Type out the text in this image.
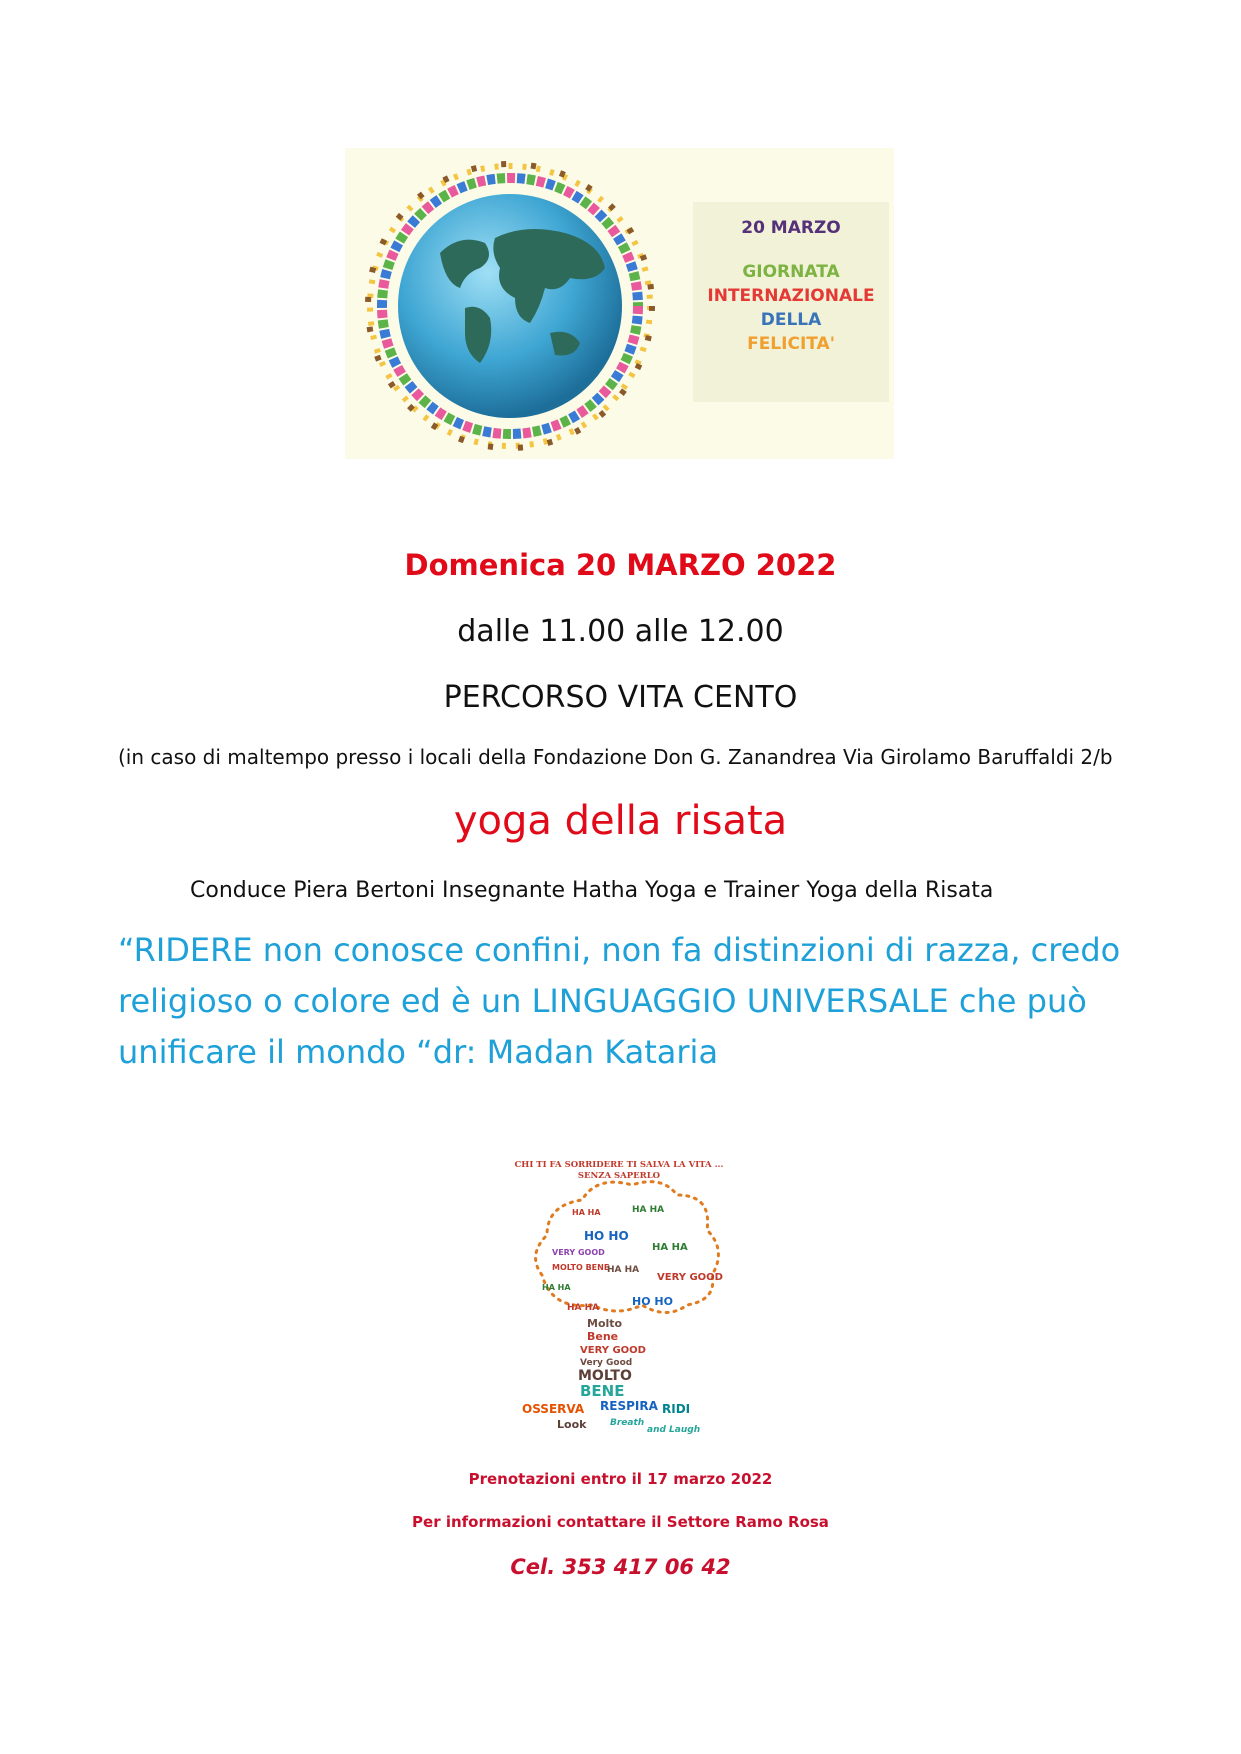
20 MARZO
GIORNATA
INTERNAZIONALE
DELLA
FELICITA'
Domenica 20 MARZO 2022
dalle 11.00 alle 12.00
PERCORSO VITA CENTO
(in caso di maltempo presso i locali della Fondazione Don G. Zanandrea Via Girolamo Baruffaldi 2/b
yoga della risata
Conduce Piera Bertoni Insegnante Hatha Yoga e Trainer Yoga della Risata
“RIDERE non conosce confini, non fa distinzioni di razza, credo
religioso o colore ed è un LINGUAGGIO UNIVERSALE che può
unificare il mondo “dr: Madan Kataria
CHI TI FA SORRIDERE TI SALVA LA VITA ...
SENZA SAPERLO
HA HA	HA HA
HO HO
HA HA
VERY GOOD
MOLTO BENE
HA HA
VERY GOOD
HA HA
HO HO
HA HA
Molto
Bene
VERY GOOD
Very Good
MOLTO
BENE
OSSERVA RESPIRA RIDI
Look	Breath
and Laugh
Prenotazioni entro il 17 marzo 2022
Per informazioni contattare il Settore Ramo Rosa
Cel. 353 417 06 42
